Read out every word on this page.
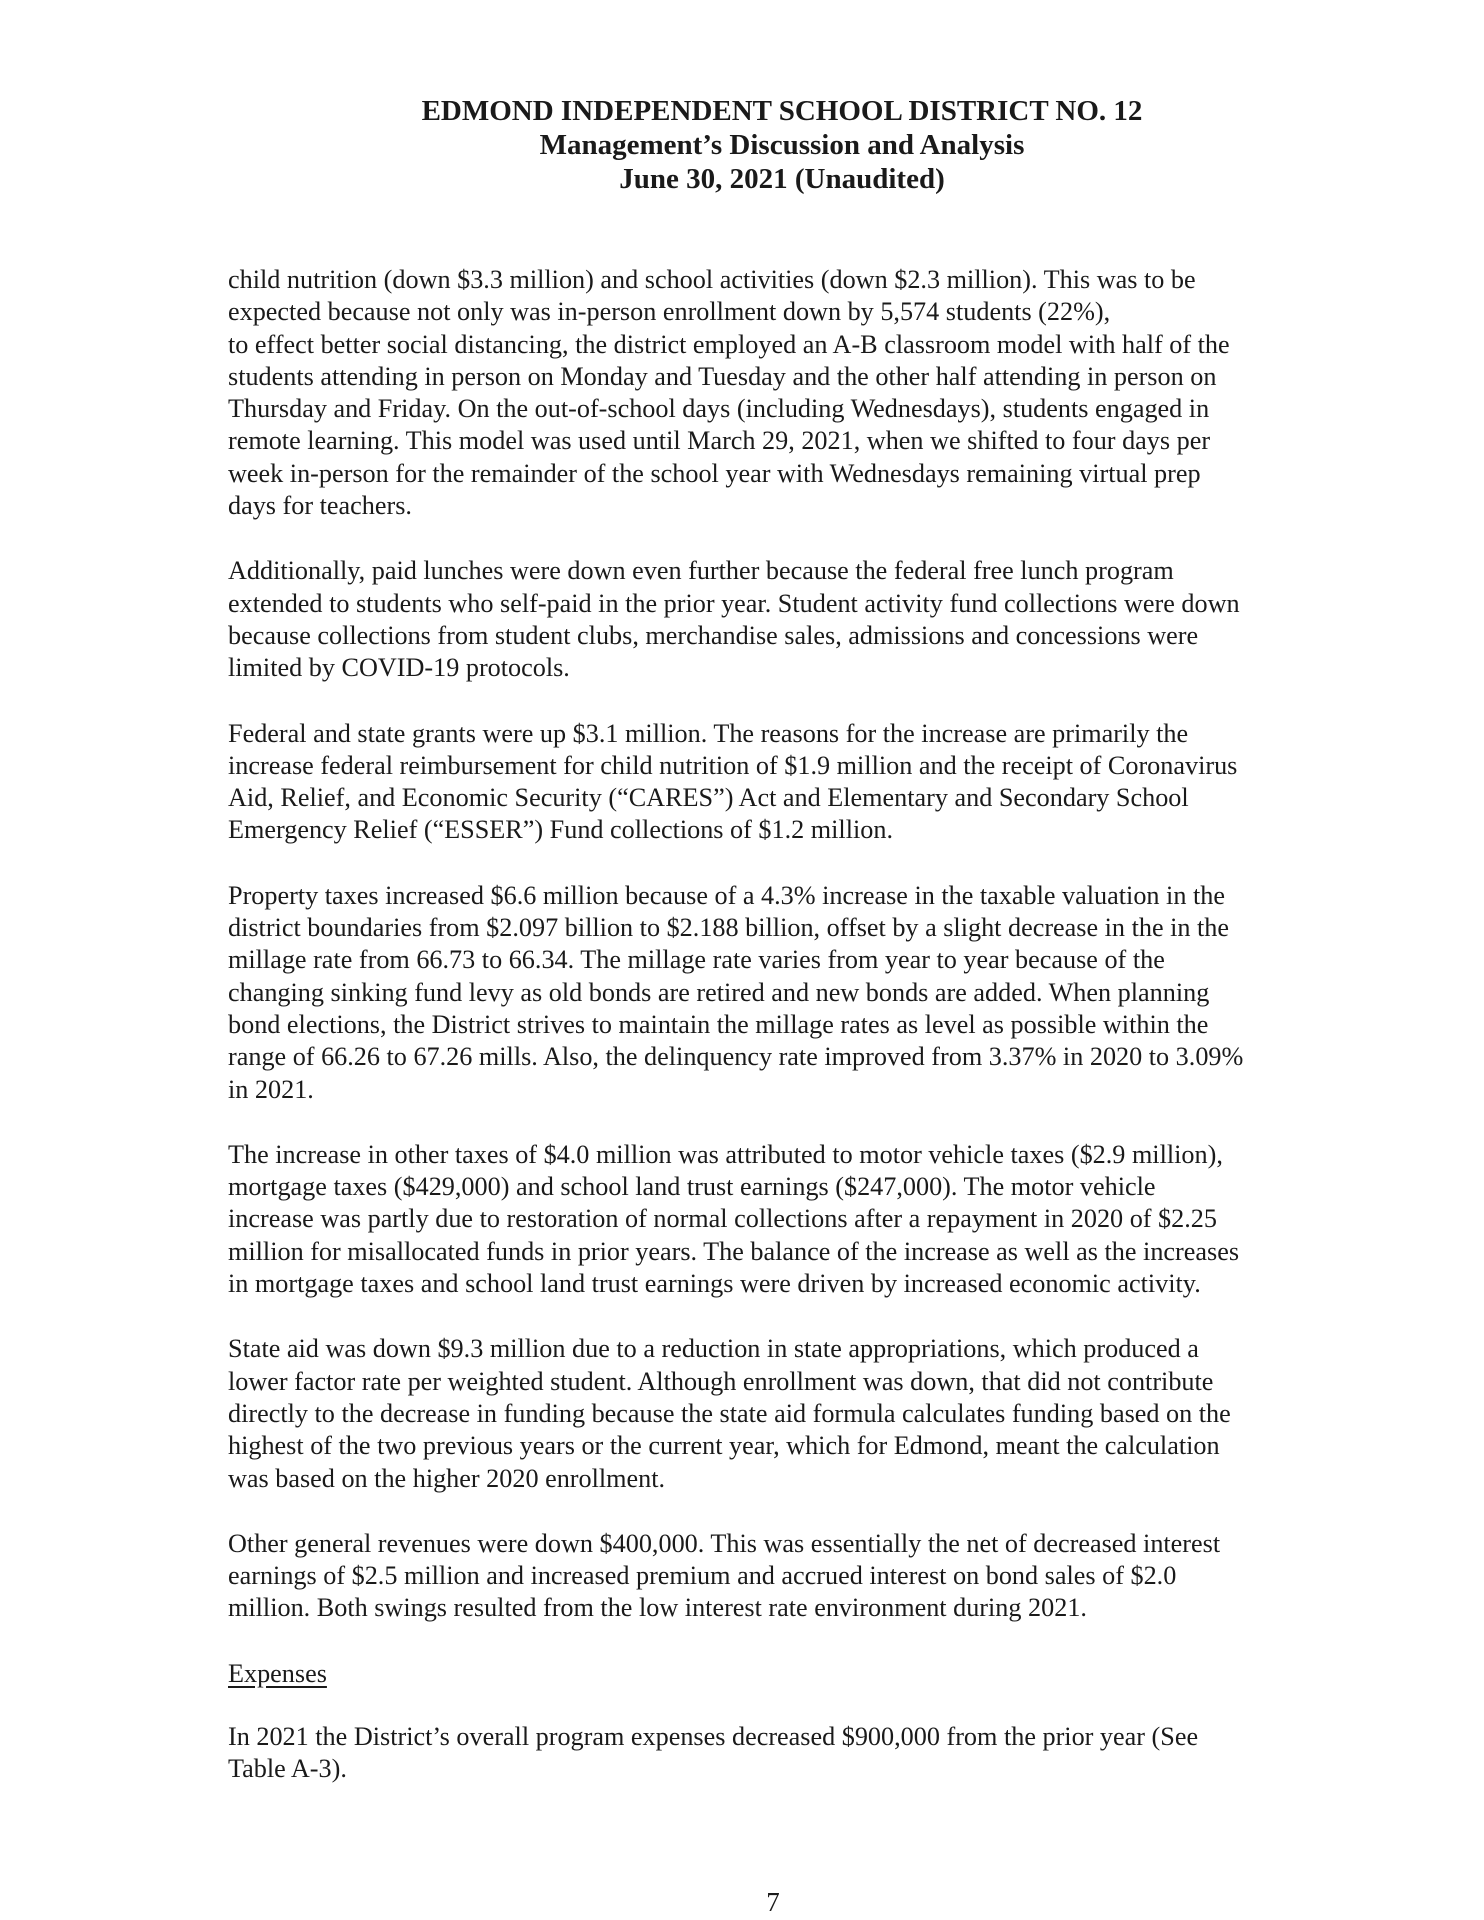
EDMOND INDEPENDENT SCHOOL DISTRICT NO. 12
Management’s Discussion and Analysis
June 30, 2021 (Unaudited)

child nutrition (down $3.3 million) and school activities (down $2.3 million). This was to be
expected because not only was in-person enrollment down by 5,574 students (22%),
to effect better social distancing, the district employed an A-B classroom model with half of the
students attending in person on Monday and Tuesday and the other half attending in person on
Thursday and Friday. On the out-of-school days (including Wednesdays), students engaged in
remote learning. This model was used until March 29, 2021, when we shifted to four days per
week in-person for the remainder of the school year with Wednesdays remaining virtual prep
days for teachers.

Additionally, paid lunches were down even further because the federal free lunch program
extended to students who self-paid in the prior year. Student activity fund collections were down
because collections from student clubs, merchandise sales, admissions and concessions were
limited by COVID-19 protocols.

Federal and state grants were up $3.1 million. The reasons for the increase are primarily the
increase federal reimbursement for child nutrition of $1.9 million and the receipt of Coronavirus
Aid, Relief, and Economic Security (“CARES”) Act and Elementary and Secondary School
Emergency Relief (“ESSER”) Fund collections of $1.2 million.

Property taxes increased $6.6 million because of a 4.3% increase in the taxable valuation in the
district boundaries from $2.097 billion to $2.188 billion, offset by a slight decrease in the in the
millage rate from 66.73 to 66.34. The millage rate varies from year to year because of the
changing sinking fund levy as old bonds are retired and new bonds are added. When planning
bond elections, the District strives to maintain the millage rates as level as possible within the
range of 66.26 to 67.26 mills. Also, the delinquency rate improved from 3.37% in 2020 to 3.09%
in 2021.

The increase in other taxes of $4.0 million was attributed to motor vehicle taxes ($2.9 million),
mortgage taxes ($429,000) and school land trust earnings ($247,000). The motor vehicle
increase was partly due to restoration of normal collections after a repayment in 2020 of $2.25
million for misallocated funds in prior years. The balance of the increase as well as the increases
in mortgage taxes and school land trust earnings were driven by increased economic activity.

State aid was down $9.3 million due to a reduction in state appropriations, which produced a
lower factor rate per weighted student. Although enrollment was down, that did not contribute
directly to the decrease in funding because the state aid formula calculates funding based on the
highest of the two previous years or the current year, which for Edmond, meant the calculation
was based on the higher 2020 enrollment.

Other general revenues were down $400,000. This was essentially the net of decreased interest
earnings of $2.5 million and increased premium and accrued interest on bond sales of $2.0
million. Both swings resulted from the low interest rate environment during 2021.

Expenses

In 2021 the District’s overall program expenses decreased $900,000 from the prior year (See
Table A-3).

7
